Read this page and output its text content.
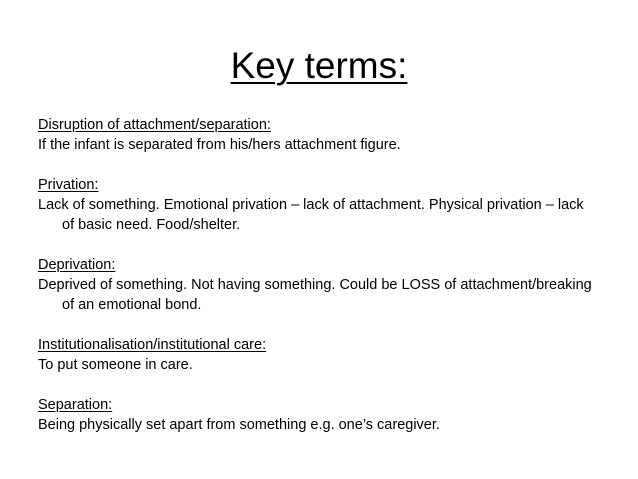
Key terms:
Disruption of attachment/separation:
If the infant is separated from his/hers attachment figure.
Privation:
Lack of something. Emotional privation – lack of attachment. Physical privation – lack of basic need. Food/shelter.
Deprivation:
Deprived of something. Not having something. Could be LOSS of attachment/breaking of an emotional bond.
Institutionalisation/institutional care:
To put someone in care.
Separation:
Being physically set apart from something e.g. one’s caregiver.
